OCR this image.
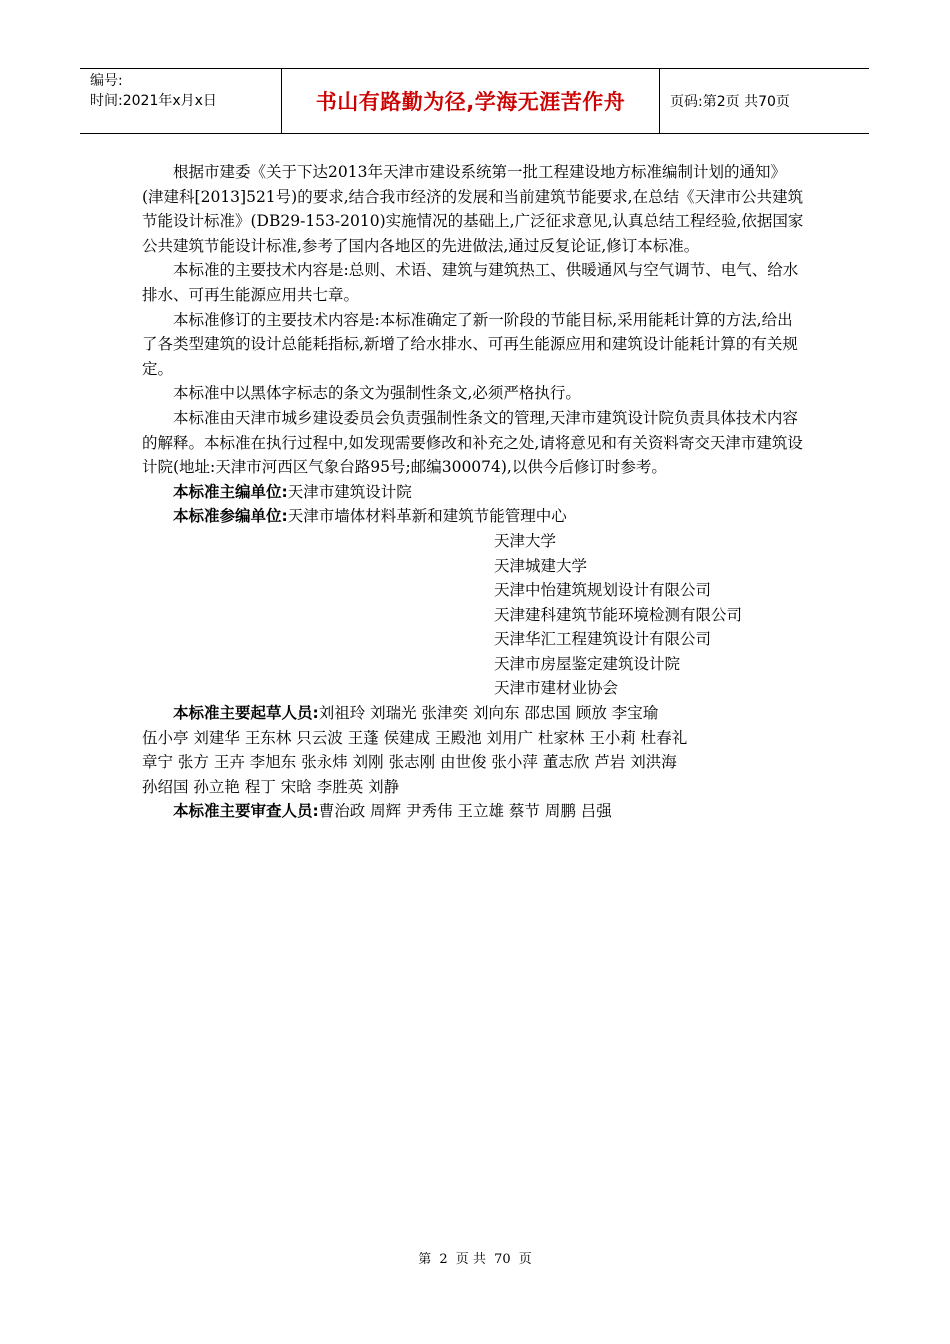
编号:
时间:2021年x月x日	书山有路勤为径,学海无涯苦作舟	页码:第2页 共70页

根据市建委《关于下达2013年天津市建设系统第一批工程建设地方标准编制计划的通知》(津建科[2013]521号)的要求,结合我市经济的发展和当前建筑节能要求,在总结《天津市公共建筑节能设计标准》(DB29-153-2010)实施情况的基础上,广泛征求意见,认真总结工程经验,依据国家公共建筑节能设计标准,参考了国内各地区的先进做法,通过反复论证,修订本标准。

本标准的主要技术内容是:总则、术语、建筑与建筑热工、供暖通风与空气调节、电气、给水排水、可再生能源应用共七章。

本标准修订的主要技术内容是:本标准确定了新一阶段的节能目标,采用能耗计算的方法,给出了各类型建筑的设计总能耗指标,新增了给水排水、可再生能源应用和建筑设计能耗计算的有关规定。

本标准中以黑体字标志的条文为强制性条文,必须严格执行。

本标准由天津市城乡建设委员会负责强制性条文的管理,天津市建筑设计院负责具体技术内容的解释。本标准在执行过程中,如发现需要修改和补充之处,请将意见和有关资料寄交天津市建筑设计院(地址:天津市河西区气象台路95号;邮编300074),以供今后修订时参考。

本标准主编单位:天津市建筑设计院
本标准参编单位:天津市墙体材料革新和建筑节能管理中心
天津大学
天津城建大学
天津中怡建筑规划设计有限公司
天津建科建筑节能环境检测有限公司
天津华汇工程建筑设计有限公司
天津市房屋鉴定建筑设计院
天津市建材业协会
本标准主要起草人员:刘祖玲 刘瑞光 张津奕 刘向东 邵忠国 顾放 李宝瑜
伍小亭 刘建华 王东林 只云波 王蓬 侯建成 王殿池 刘用广 杜家林 王小莉 杜春礼
章宁 张方 王卉 李旭东 张永炜 刘刚 张志刚 由世俊 张小萍 董志欣 芦岩 刘洪海
孙绍国 孙立艳 程丁 宋晗 李胜英 刘静
本标准主要审查人员:曹治政 周辉 尹秀伟 王立雄 蔡节 周鹏 吕强
第 2 页 共 70 页
